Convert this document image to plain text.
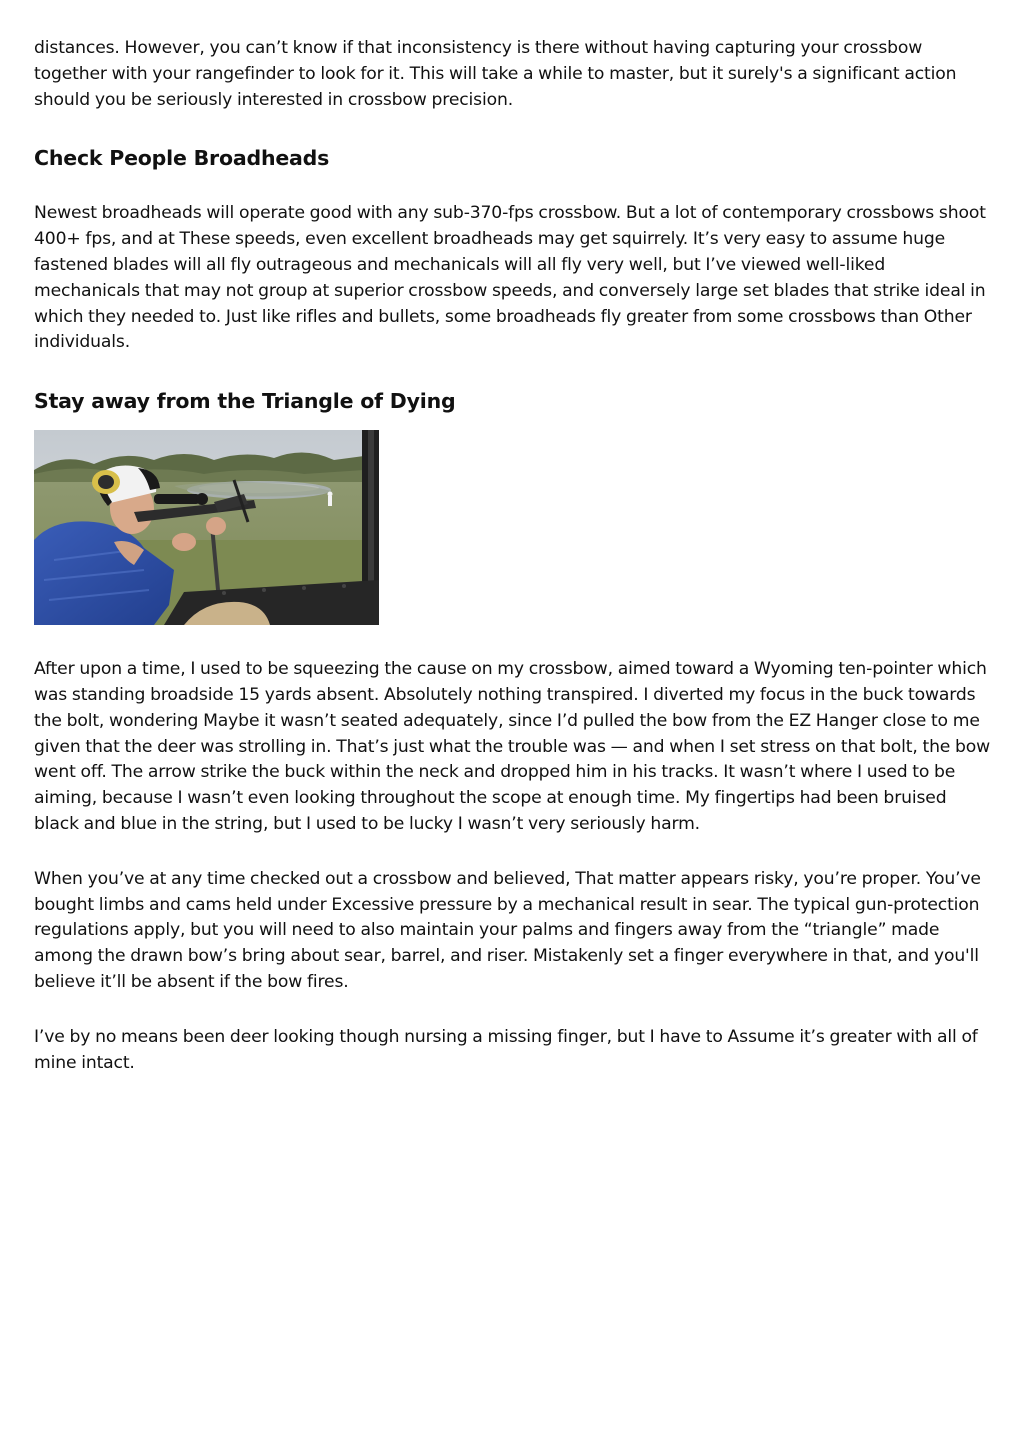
distances. However, you can’t know if that inconsistency is there without having capturing your crossbow together with your rangefinder to look for it. This will take a while to master, but it surely's a significant action should you be seriously interested in crossbow precision.

Check People Broadheads

Newest broadheads will operate good with any sub-370-fps crossbow. But a lot of contemporary crossbows shoot 400+ fps, and at These speeds, even excellent broadheads may get squirrely. It’s very easy to assume huge fastened blades will all fly outrageous and mechanicals will all fly very well, but I’ve viewed well-liked mechanicals that may not group at superior crossbow speeds, and conversely large set blades that strike ideal in which they needed to. Just like rifles and bullets, some broadheads fly greater from some crossbows than Other individuals.

Stay away from the Triangle of Dying

After upon a time, I used to be squeezing the cause on my crossbow, aimed toward a Wyoming ten-pointer which was standing broadside 15 yards absent. Absolutely nothing transpired. I diverted my focus in the buck towards the bolt, wondering Maybe it wasn’t seated adequately, since I’d pulled the bow from the EZ Hanger close to me given that the deer was strolling in. That’s just what the trouble was — and when I set stress on that bolt, the bow went off. The arrow strike the buck within the neck and dropped him in his tracks. It wasn’t where I used to be aiming, because I wasn’t even looking throughout the scope at enough time. My fingertips had been bruised black and blue in the string, but I used to be lucky I wasn’t very seriously harm.

When you’ve at any time checked out a crossbow and believed, That matter appears risky, you’re proper. You’ve bought limbs and cams held under Excessive pressure by a mechanical result in sear. The typical gun-protection regulations apply, but you will need to also maintain your palms and fingers away from the “triangle” made among the drawn bow’s bring about sear, barrel, and riser. Mistakenly set a finger everywhere in that, and you'll believe it’ll be absent if the bow fires.

I’ve by no means been deer looking though nursing a missing finger, but I have to Assume it’s greater with all of mine intact.
